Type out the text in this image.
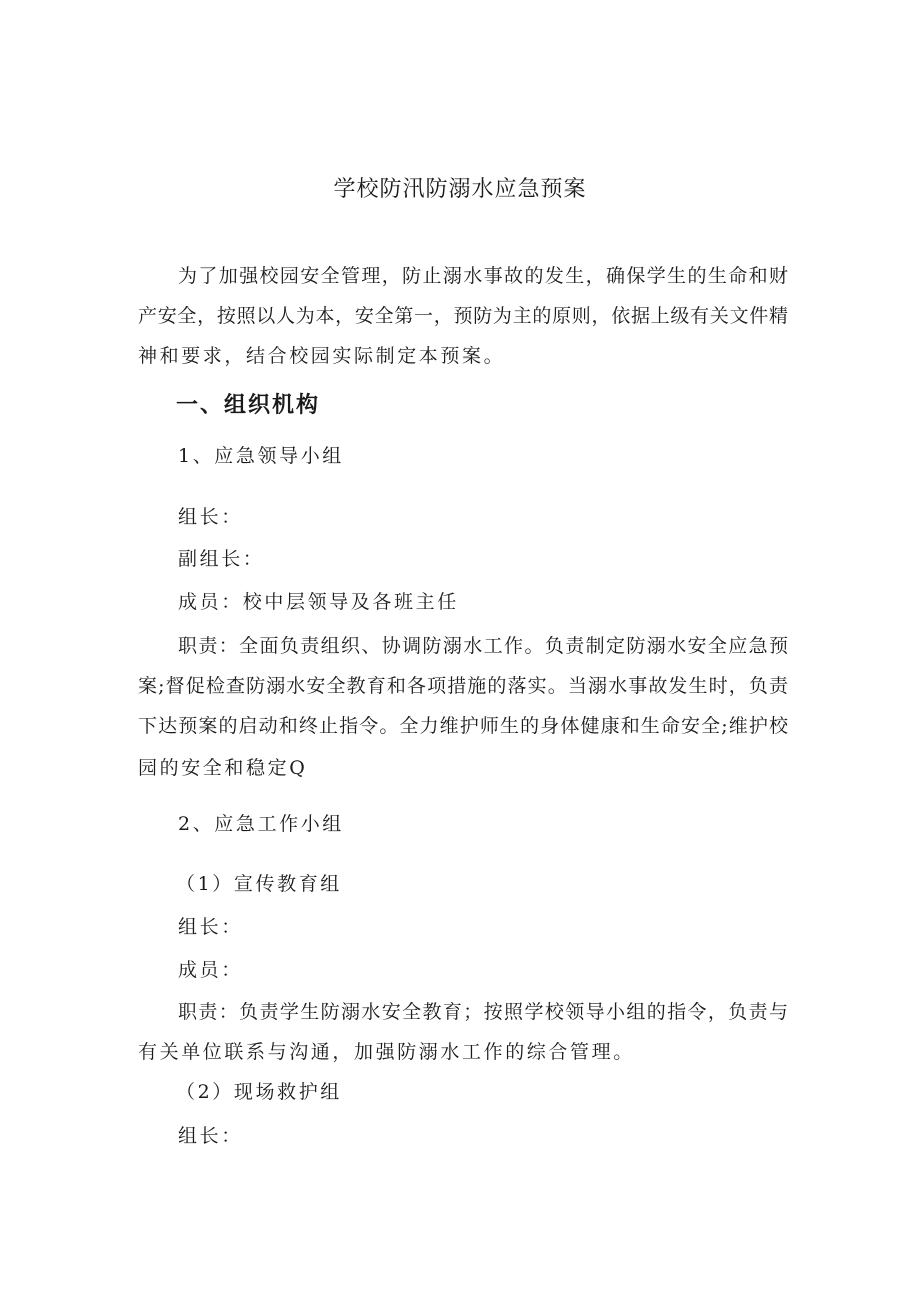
学校防汛防溺水应急预案
为了加强校园安全管理，防止溺水事故的发生，确保学生的生命和财
产安全，按照以人为本，安全第一，预防为主的原则，依据上级有关文件精
神和要求，结合校园实际制定本预案。
一、组织机构
1、应急领导小组
组长：
副组长：
成员：校中层领导及各班主任
职责：全面负责组织、协调防溺水工作。负责制定防溺水安全应急预
案;督促检查防溺水安全教育和各项措施的落实。当溺水事故发生时，负责
下达预案的启动和终止指令。全力维护师生的身体健康和生命安全;维护校
园的安全和稳定Q
2、应急工作小组
（1）宣传教育组
组长：
成员：
职责：负责学生防溺水安全教育；按照学校领导小组的指令，负责与
有关单位联系与沟通，加强防溺水工作的综合管理。
（2）现场救护组
组长：
